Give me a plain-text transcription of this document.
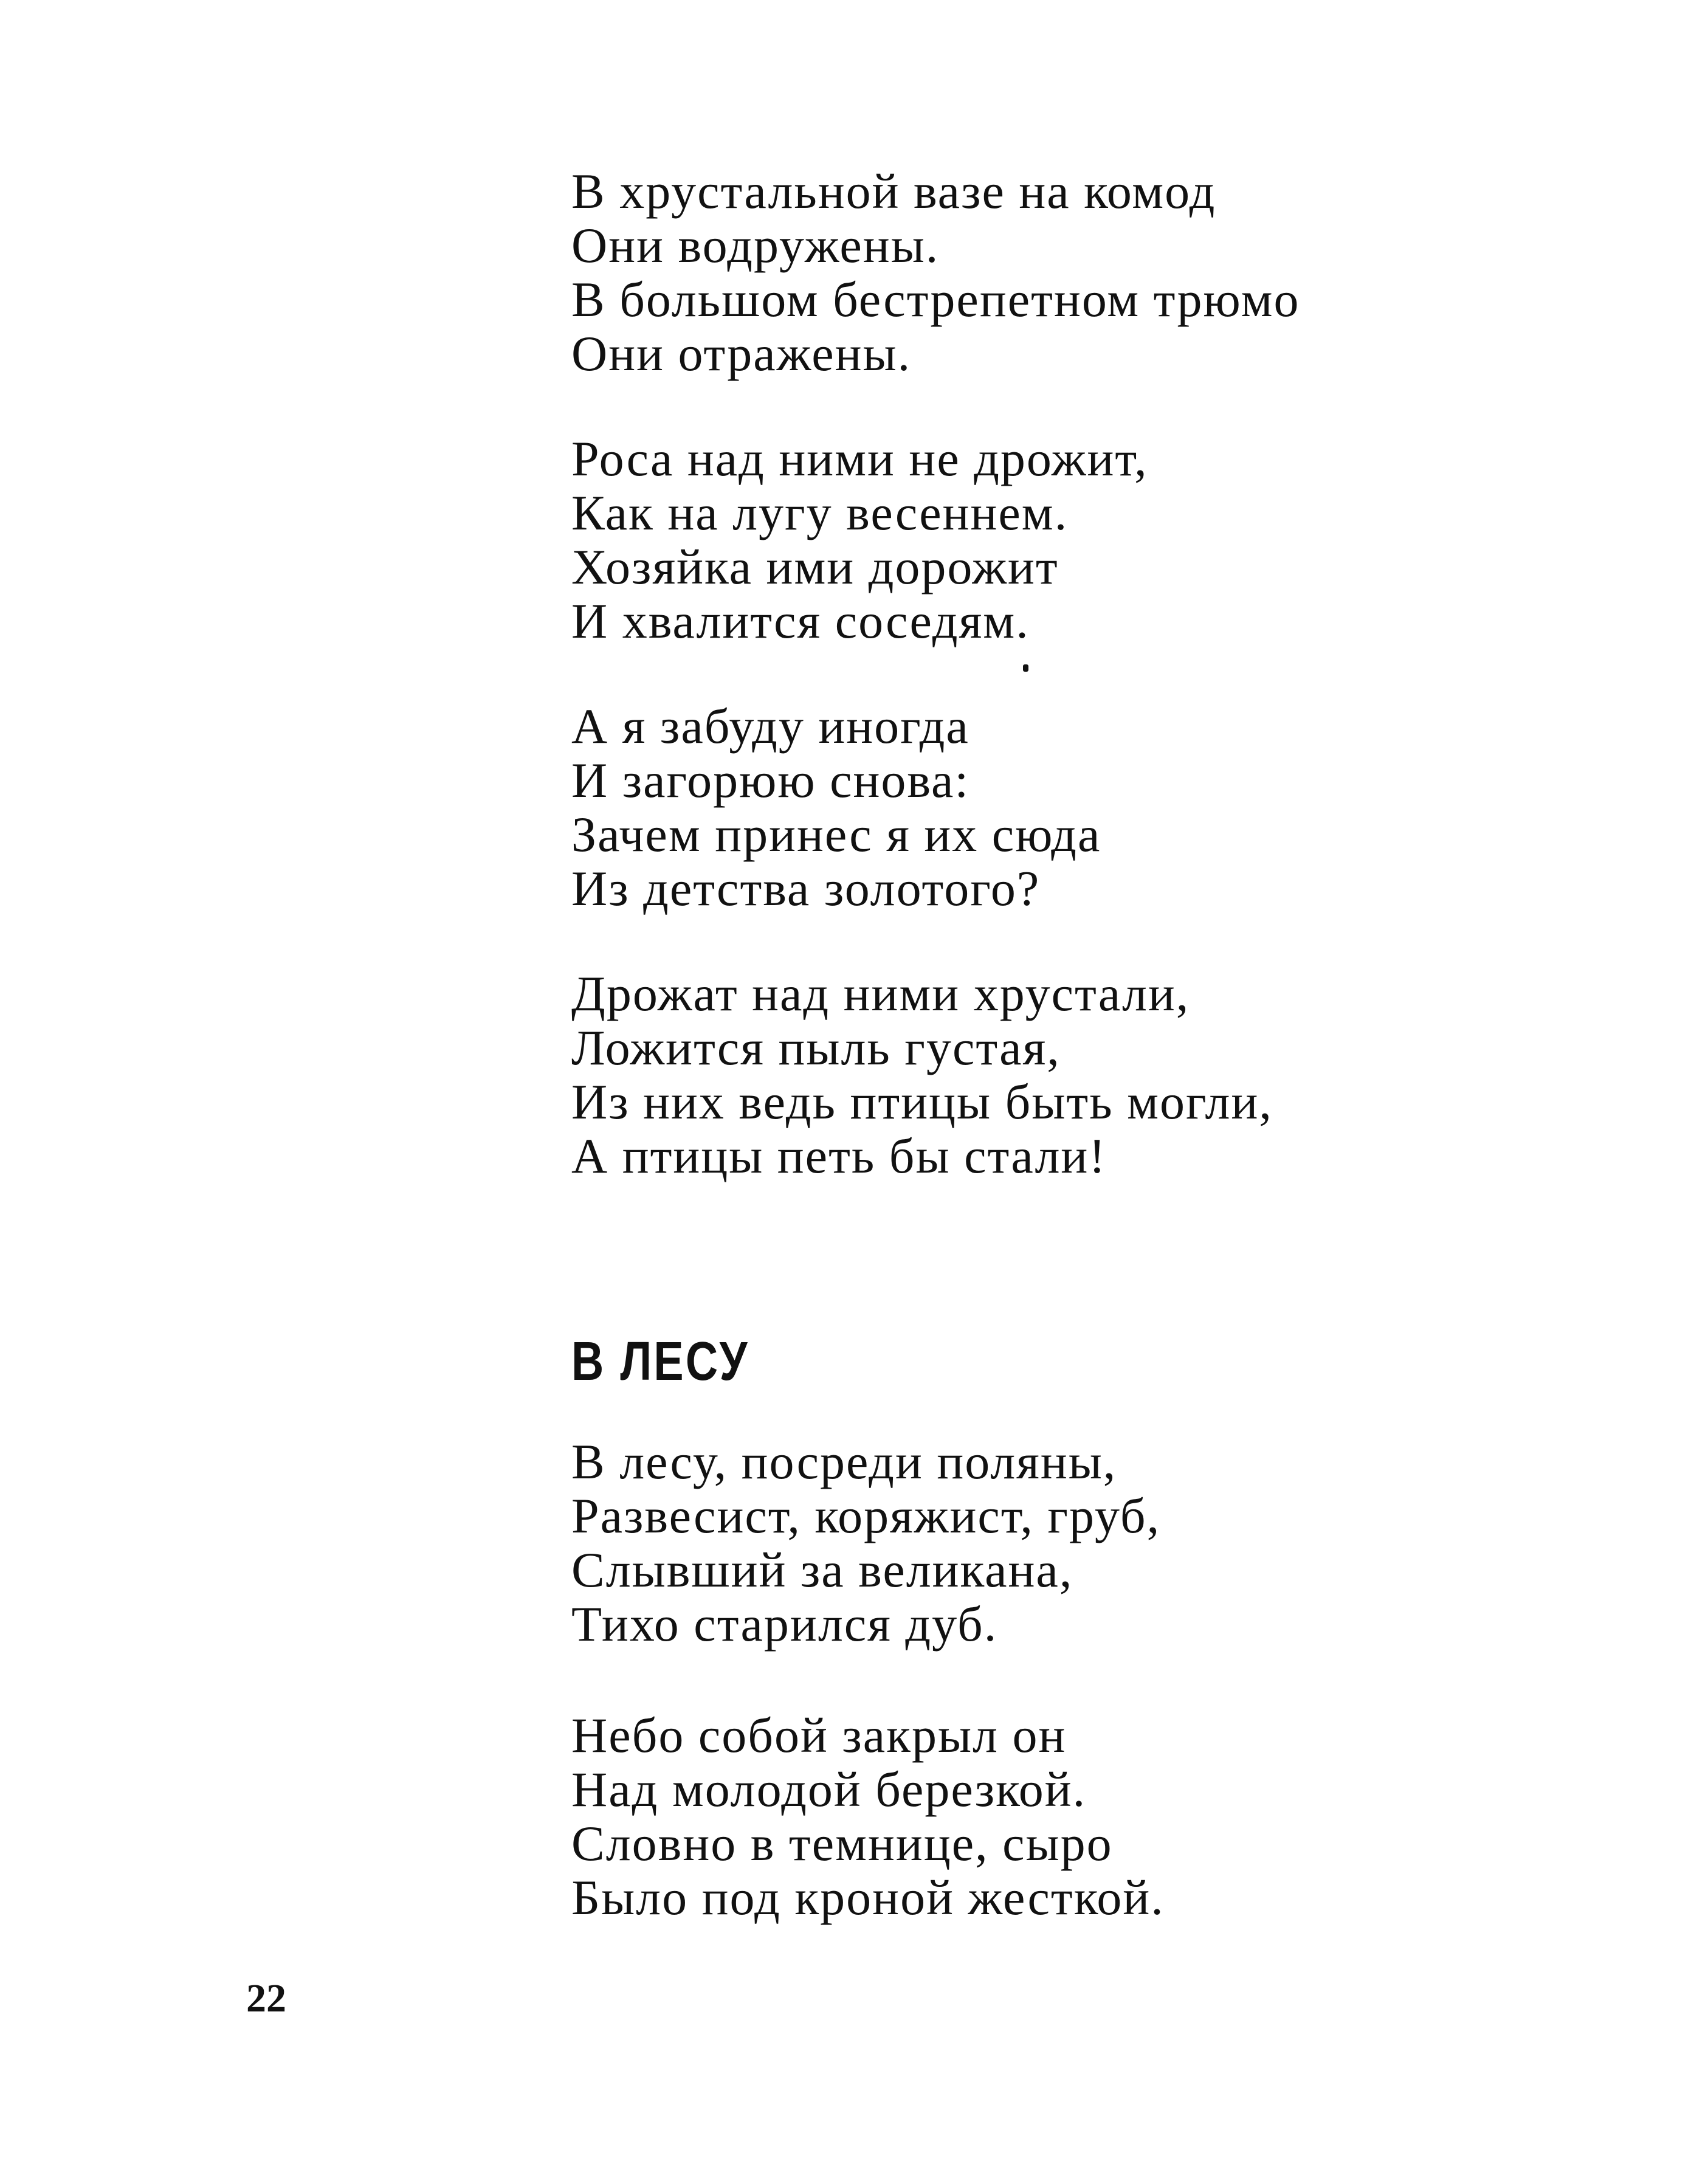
В хрустальной вазе на комод
Они водружены.
В большом бестрепетном трюмо
Они отражены.
Роса над ними не дрожит,
Как на лугу весеннем.
Хозяйка ими дорожит
И хвалится соседям.
А я забуду иногда
И загорюю снова:
Зачем принес я их сюда
Из детства золотого?
Дрожат над ними хрустали,
Ложится пыль густая,
Из них ведь птицы быть могли,
А птицы петь бы стали!
В ЛЕСУ
В лесу, посреди поляны,
Развесист, коряжист, груб,
Слывший за великана,
Тихо старился дуб.
Небо собой закрыл он
Над молодой березкой.
Словно в темнице, сыро
Было под кроной жесткой.
22
